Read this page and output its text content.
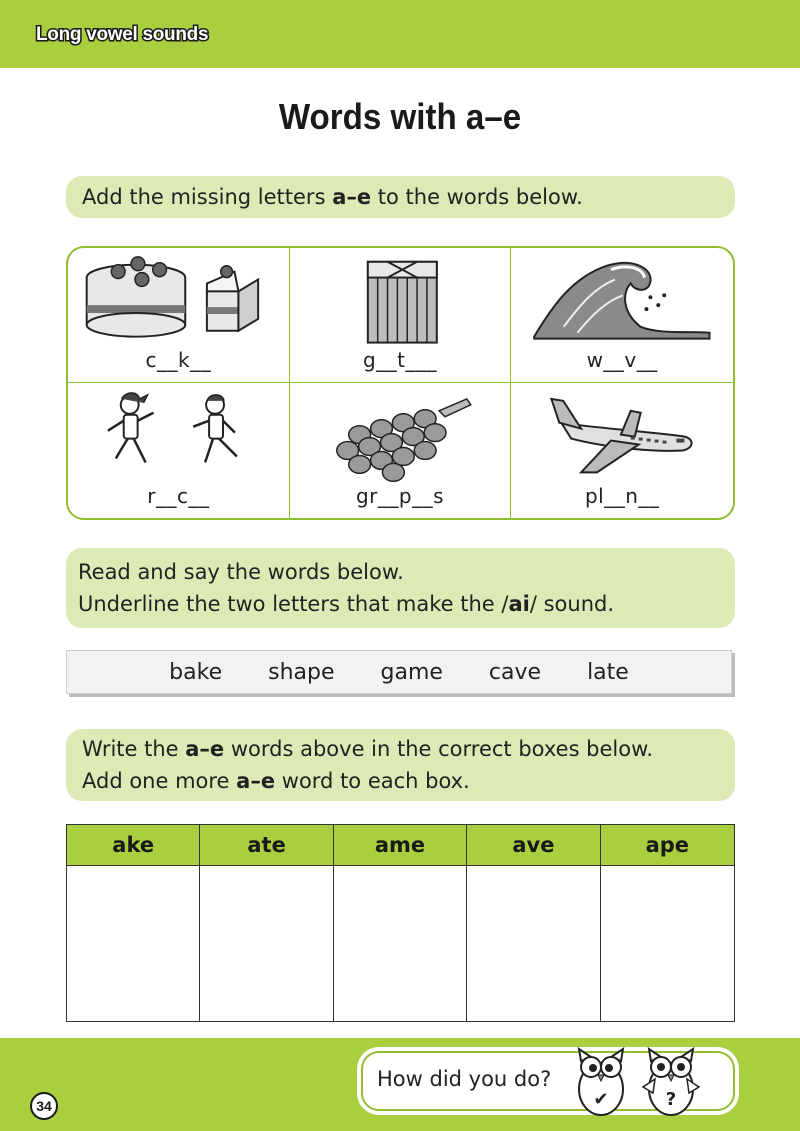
Long vowel sounds
Words with a–e
Add the missing letters a–e to the words below.
c__k__	g__t___	w__v__
r__c__	gr__p__s	pl__n__
Read and say the words below.
Underline the two letters that make the /ai/ sound.
bake shape game cave late
Write the a–e words above in the correct boxes below.
Add one more a–e word to each box.
ake	ate	ame	ave	ape
34
How did you do?
✔	?
